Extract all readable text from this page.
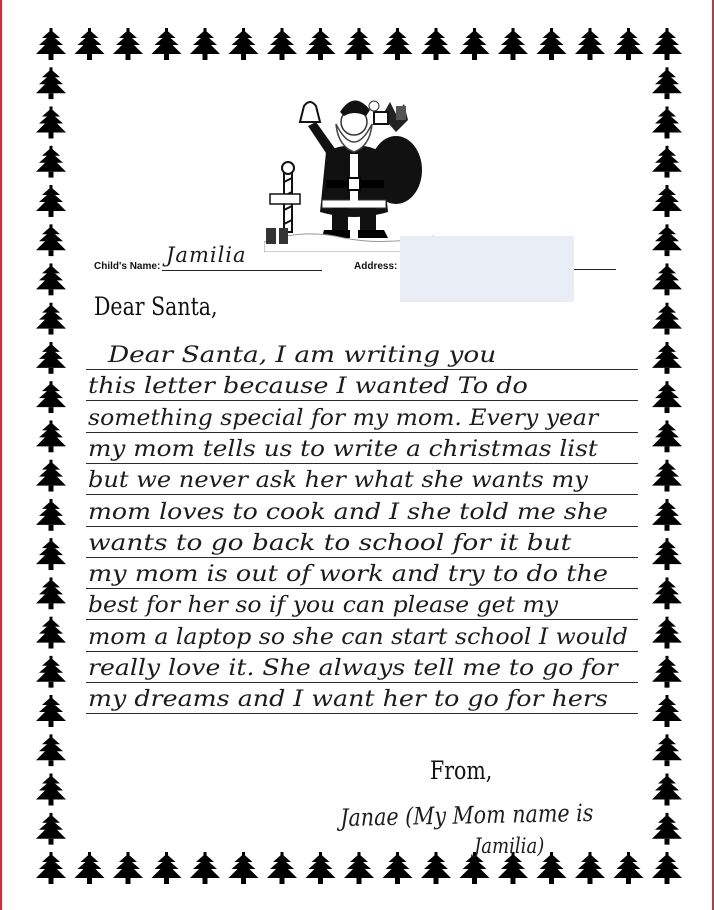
Child's Name: Jamilia	Address:
Dear Santa,
Dear Santa, I am writing you
this letter because I wanted To do
something special for my mom. Every year
my mom tells us to write a christmas list
but we never ask her what she wants my
mom loves to cook and I she told me she
wants to go back to school for it but
my mom is out of work and try to do the
best for her so if you can please get my
mom a laptop so she can start school I would
really love it. She always tell me to go for
my dreams and I want her to go for hers
From,
Janae (My Mom name is
Jamilia)
